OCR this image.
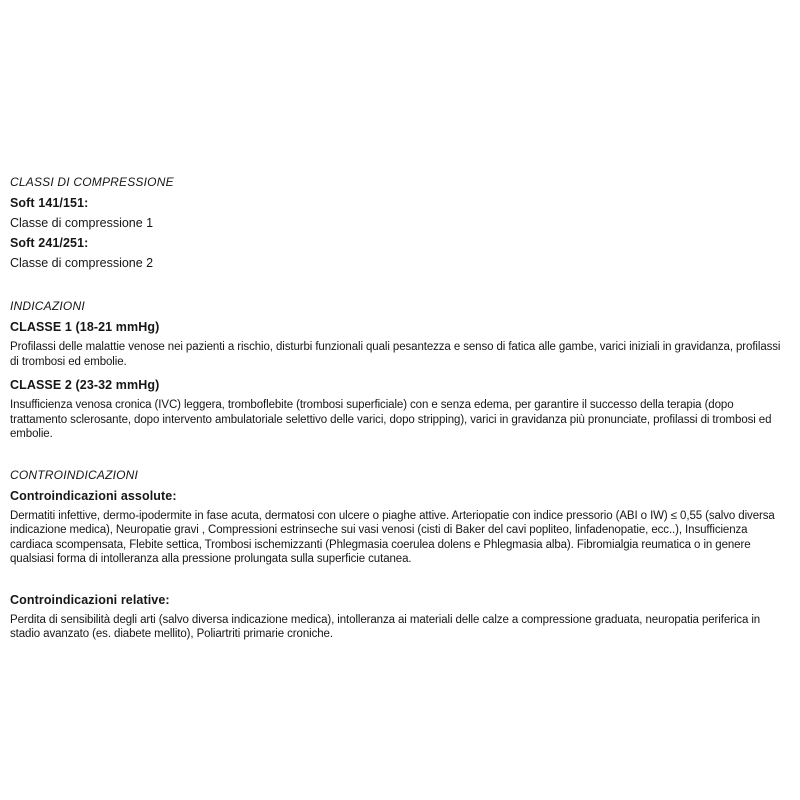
CLASSI DI COMPRESSIONE

Soft 141/151:

Classe di compressione 1

Soft 241/251:

Classe di compressione 2

INDICAZIONI
CLASSE 1 (18-21 mmHg)

Profilassi delle malattie venose nei pazienti a rischio, disturbi funzionali quali pesantezza e senso di fatica alle gambe, varici iniziali in gravidanza, profilassi di trombosi ed embolie.

CLASSE 2 (23-32 mmHg)

Insufficienza venosa cronica (IVC) leggera, tromboflebite (trombosi superficiale) con e senza edema, per garantire il successo della terapia (dopo trattamento sclerosante, dopo intervento ambulatoriale selettivo delle varici, dopo stripping), varici in gravidanza più pronunciate, profilassi di trombosi ed embolie.

CONTROINDICAZIONI
Controindicazioni assolute:

Dermatiti infettive, dermo-ipodermite in fase acuta, dermatosi con ulcere o piaghe attive. Arteriopatie con indice pressorio (ABI o IW) ≤ 0,55 (salvo diversa indicazione medica), Neuropatie gravi , Compressioni estrinseche sui vasi venosi (cisti di Baker del cavi popliteo, linfadenopatie, ecc..), Insufficienza cardiaca scompensata, Flebite settica, Trombosi ischemizzanti (Phlegmasia coerulea dolens e Phlegmasia alba). Fibromialgia reumatica o in genere qualsiasi forma di intolleranza alla pressione prolungata sulla superficie cutanea.

Controindicazioni relative:

Perdita di sensibilità degli arti (salvo diversa indicazione medica), intolleranza ai materiali delle calze a compressione graduata, neuropatia periferica in stadio avanzato (es. diabete mellito), Poliartriti primarie croniche.
